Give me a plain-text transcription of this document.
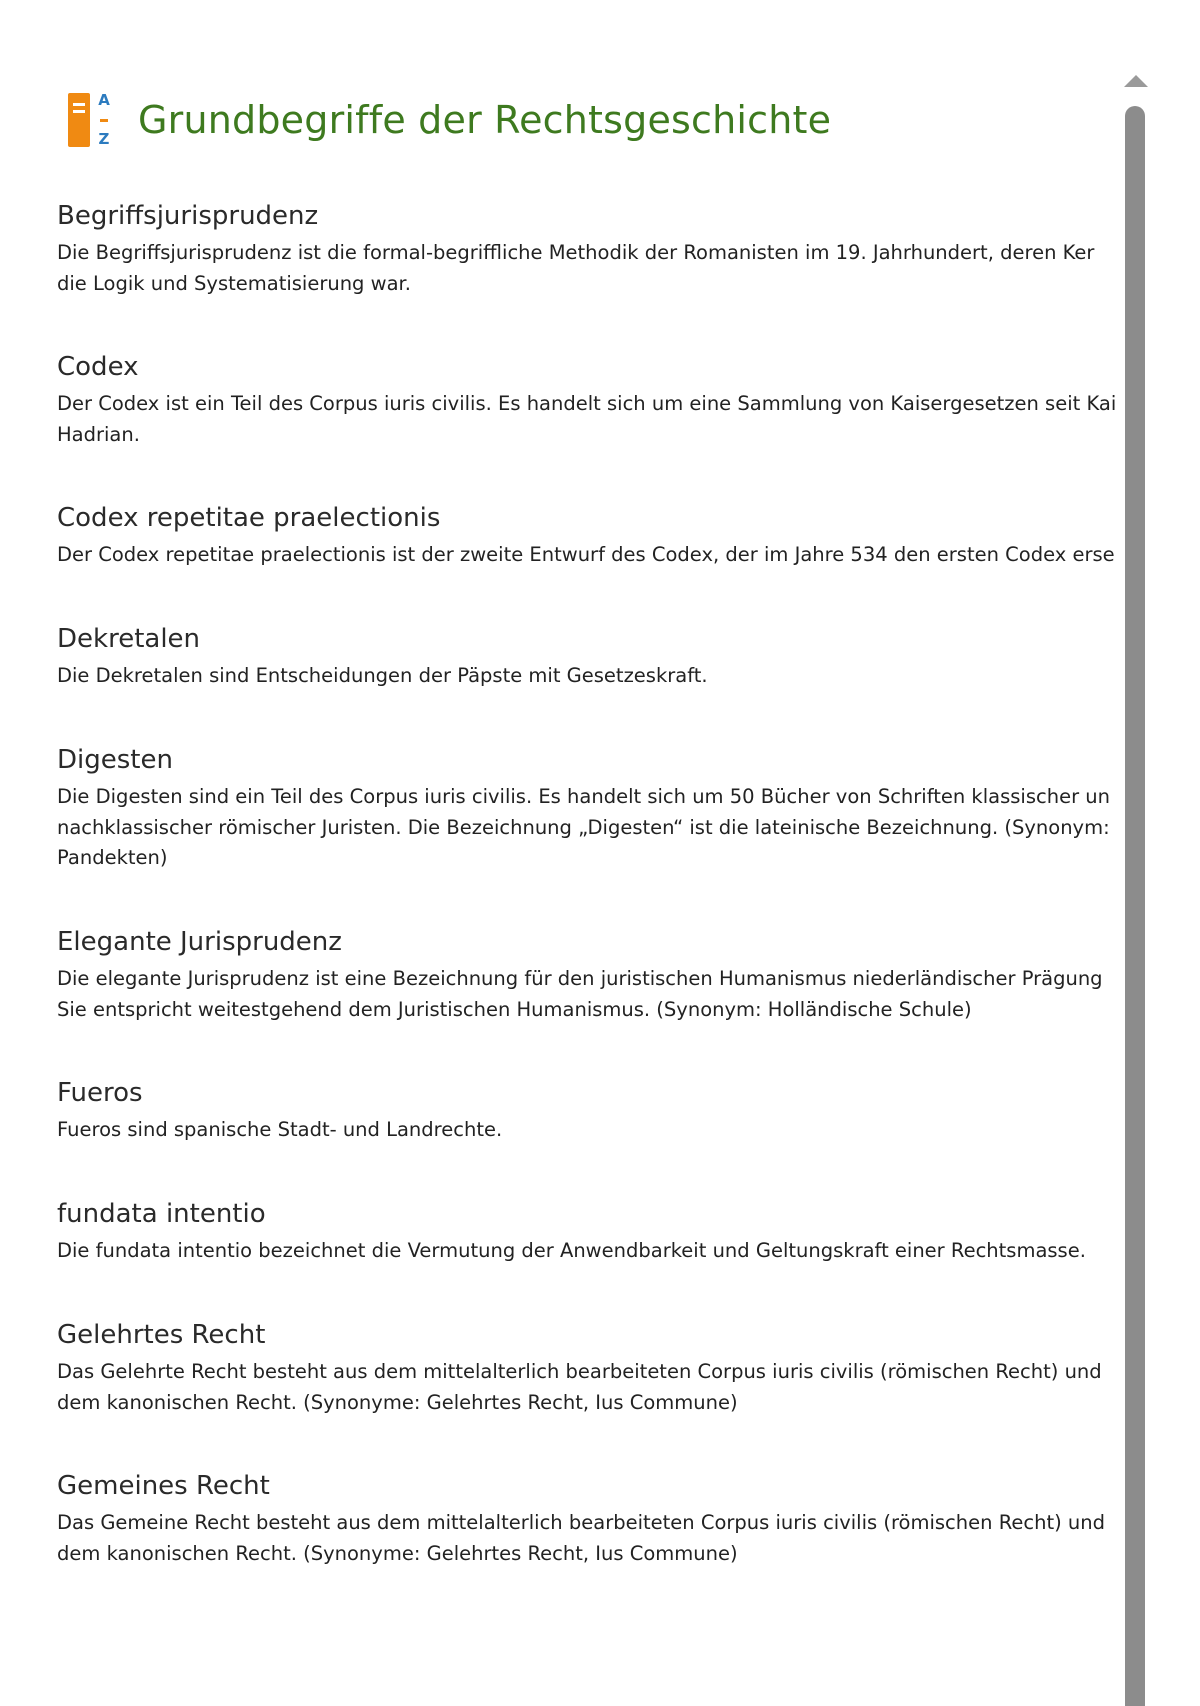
A
Z Grundbegriffe der Rechtsgeschichte
Begriffsjurisprudenz

Die Begriffsjurisprudenz ist die formal-begriffliche Methodik der Romanisten im 19. Jahrhundert, deren Ker
die Logik und Systematisierung war.

Codex

Der Codex ist ein Teil des Corpus iuris civilis. Es handelt sich um eine Sammlung von Kaisergesetzen seit Kai
Hadrian.

Codex repetitae praelectionis

Der Codex repetitae praelectionis ist der zweite Entwurf des Codex, der im Jahre 534 den ersten Codex erse

Dekretalen

Die Dekretalen sind Entscheidungen der Päpste mit Gesetzeskraft.

Digesten

Die Digesten sind ein Teil des Corpus iuris civilis. Es handelt sich um 50 Bücher von Schriften klassischer un
nachklassischer römischer Juristen. Die Bezeichnung „Digesten“ ist die lateinische Bezeichnung. (Synonym:
Pandekten)

Elegante Jurisprudenz

Die elegante Jurisprudenz ist eine Bezeichnung für den juristischen Humanismus niederländischer Prägung
Sie entspricht weitestgehend dem Juristischen Humanismus. (Synonym: Holländische Schule)

Fueros

Fueros sind spanische Stadt- und Landrechte.

fundata intentio

Die fundata intentio bezeichnet die Vermutung der Anwendbarkeit und Geltungskraft einer Rechtsmasse.

Gelehrtes Recht

Das Gelehrte Recht besteht aus dem mittelalterlich bearbeiteten Corpus iuris civilis (römischen Recht) und
dem kanonischen Recht. (Synonyme: Gelehrtes Recht, Ius Commune)

Gemeines Recht

Das Gemeine Recht besteht aus dem mittelalterlich bearbeiteten Corpus iuris civilis (römischen Recht) und
dem kanonischen Recht. (Synonyme: Gelehrtes Recht, Ius Commune)
